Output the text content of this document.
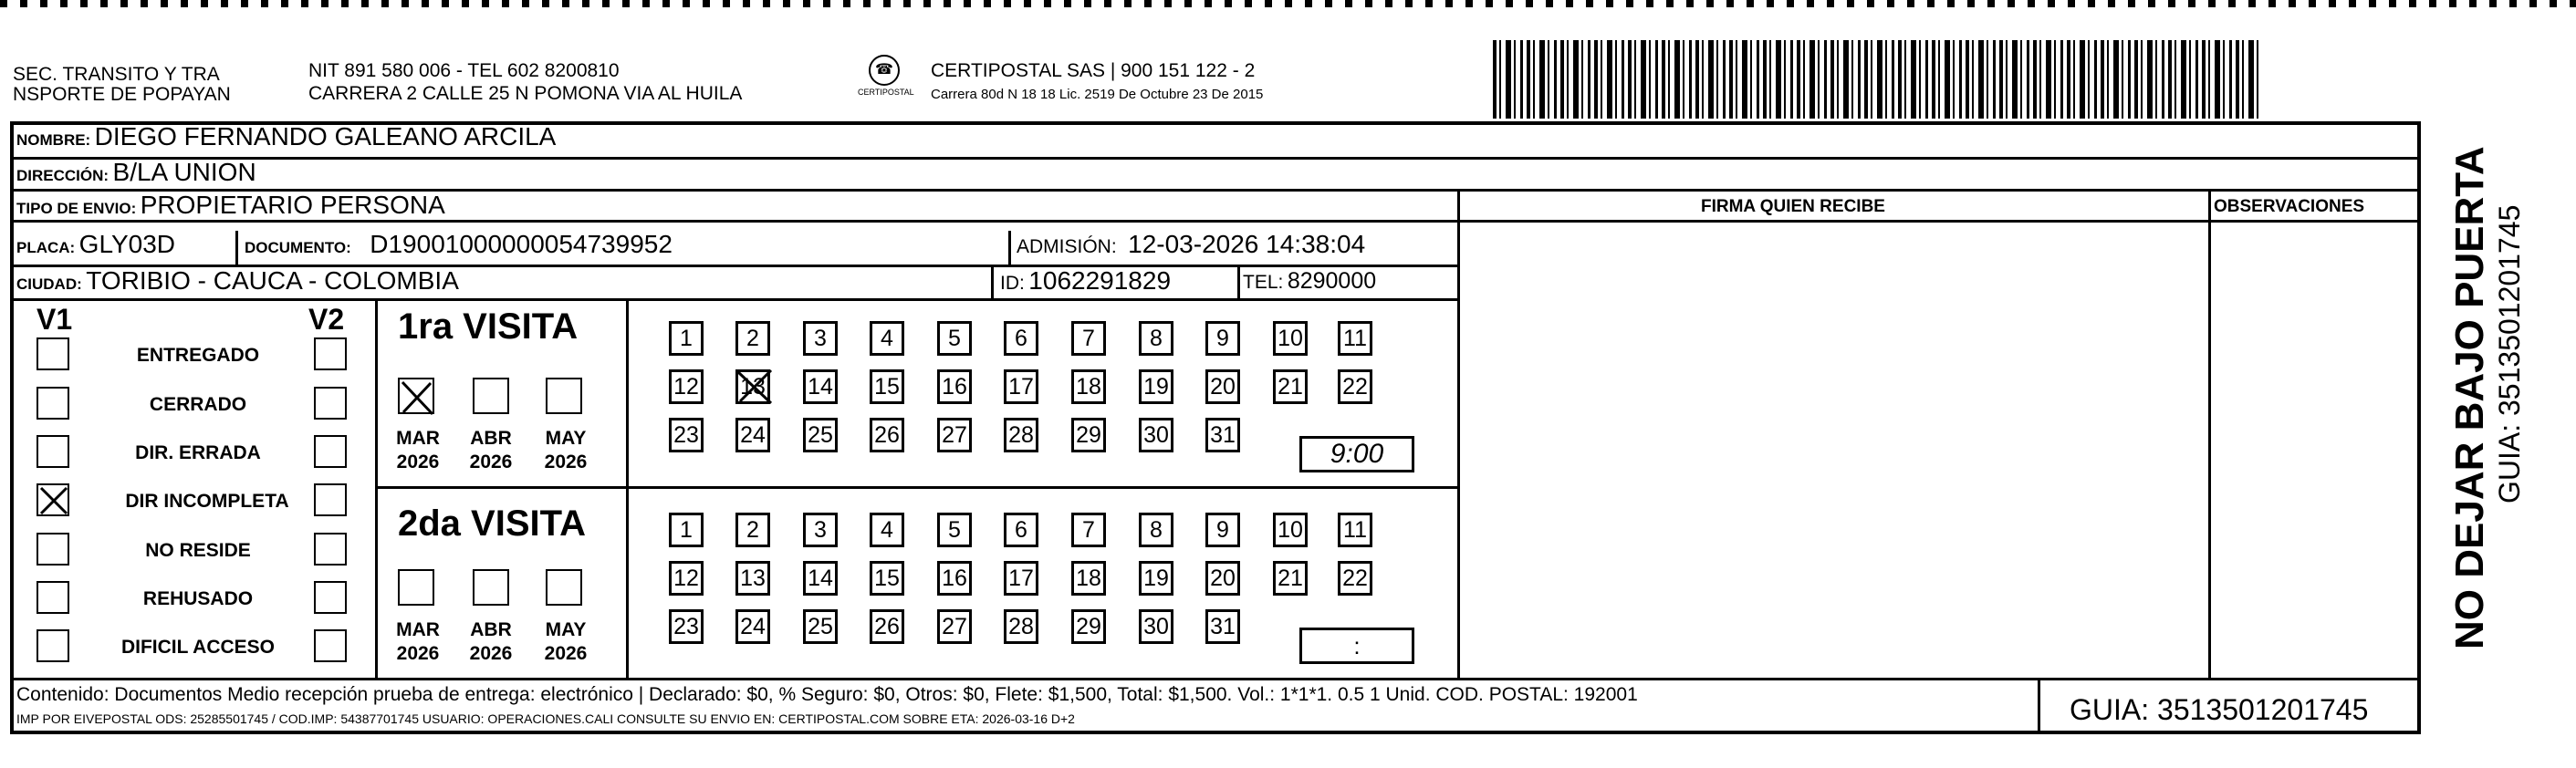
SEC. TRANSITO Y TRA
NSPORTE DE POPAYAN
NIT 891 580 006 - TEL 602 8200810
CARRERA 2 CALLE 25 N POMONA VIA AL HUILA
☎
CERTIPOSTAL
CERTIPOSTAL SAS | 900 151 122 - 2
Carrera 80d N 18 18 Lic. 2519 De Octubre 23 De 2015
NOMBRE: DIEGO FERNANDO GALEANO ARCILA
DIRECCIÓN: B/LA UNION
TIPO DE ENVIO: PROPIETARIO PERSONA	FIRMA QUIEN RECIBE	OBSERVACIONES
PLACA: GLY03D	DOCUMENTO: D19001000000054739952	ADMISIÓN: 12-03-2026 14:38:04
CIUDAD: TORIBIO - CAUCA - COLOMBIA	ID: 1062291829	TEL: 8290000
V1	V2
ENTREGADO
CERRADO
DIR. ERRADA
DIR INCOMPLETA
NO RESIDE
REHUSADO
DIFICIL ACCESO
1ra VISITA
MAR
2026
ABR
2026
MAY
2026
1	2	3	4	5	6	7	8	9	10 11
12 13 14 15 16 17 18 19 20 21 22
23 24 25 26 27 28 29 30 31
9:00
2da VISITA
MAR
2026
ABR
2026
MAY
2026
1	2	3	4	5	6	7	8	9	10 11
12 13 14 15 16 17 18 19 20 21 22
23 24 25 26 27 28 29 30 31
:
Contenido: Documentos Medio recepción prueba de entrega: electrónico | Declarado: $0, % Seguro: $0, Otros: $0, Flete: $1,500, Total: $1,500. Vol.: 1*1*1. 0.5 1 Unid. COD. POSTAL: 192001
IMP POR EIVEPOSTAL ODS: 25285501745 / COD.IMP: 54387701745 USUARIO: OPERACIONES.CALI CONSULTE SU ENVIO EN: CERTIPOSTAL.COM SOBRE ETA: 2026-03-16 D+2	GUIA: 3513501201745
NO DEJAR BAJO PUERTA GUIA: 3513501201745
